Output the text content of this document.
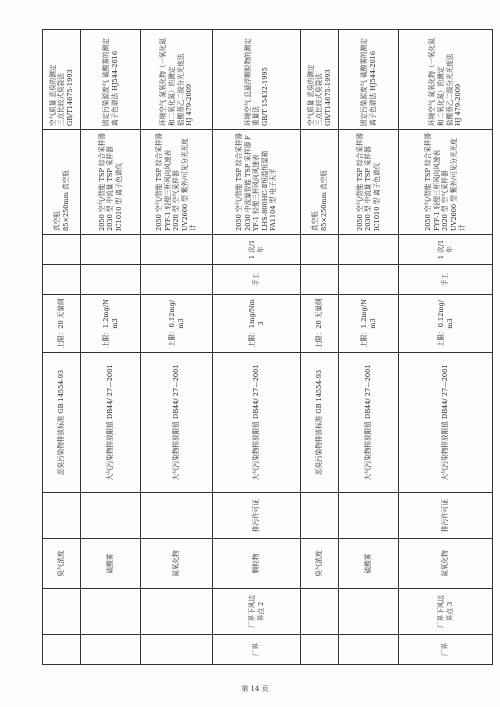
		臭气浓度		恶臭污染物排放标准 GB 14554-93	上限：20 无量纲			真空瓶 85×250mm 真空瓶	空气质量 恶臭的测定 三点比较式臭袋法 GB/T14675-1993

		硫酸雾		大气污染物排放限值 DB44/ 27—2001	上限：1.2mg/Nm3			2050 空气/智能 TSP 综合采样器 2030 型 中流量 TSP 采样器 IC1010 型 离子色谱仪	固定污染源废气 硫酸雾的测定 离子色谱法 HJ544-2016

		氮氧化物		大气污染物排放限值 DB44/ 27—2001	上限：0.12mg/m3			2050 空气/智能 TSP 综合采样器 FYF-1 轻便三杯风向风速表 2020 型 空气采样器 UV2600 型 紫外/可见分光光度计	环境空气 氮氧化物（一氧化氮和二氧化氮）的测定 盐酸萘乙二胺分光光度法 HJ 479-2009

厂界	厂界下风边界点 2	颗粒物	排污许可证	大气污染物排放限值 DB44/ 27—2001	上限：1mg/Nm3	手工	1 次/1 年	2050 空气/智能 TSP 综合采样器 2030 中流量智能 TSP 采样器 FYF-1 轻便三杯风向风速表 LHS-800HC-Ⅱ恒温恒湿箱 FA1104 型 电子天平	环境空气 总悬浮颗粒物的测定 重量法 GB/T 15432-1995

		臭气浓度		恶臭污染物排放标准 GB 14554-93	上限：20 无量纲			真空瓶 85×250mm 真空瓶	空气质量 恶臭的测定 三点比较式臭袋法 GB/T14675-1993

		硫酸雾		大气污染物排放限值 DB44/ 27—2001	上限：1.2mg/Nm3			2050 空气/智能 TSP 综合采样器 2030 型 中流量 TSP 采样器 IC1010 型 离子色谱仪	固定污染源废气 硫酸雾的测定 离子色谱法 HJ544-2016

厂界	厂界下风边界点 3	氮氧化物	排污许可证	大气污染物排放限值 DB44/ 27—2001	上限：0.12mg/m3	手工	1 次/1 年	2050 空气/智能 TSP 综合采样器 FYF-1 轻便三杯风向风速表 2020 型 空气采样器 UV2600 型 紫外/可见分光光度计	环境空气 氮氧化物（一氧化氮和二氧化氮）的测定 盐酸萘乙二胺分光光度法 HJ 479-2009
第 14 页
